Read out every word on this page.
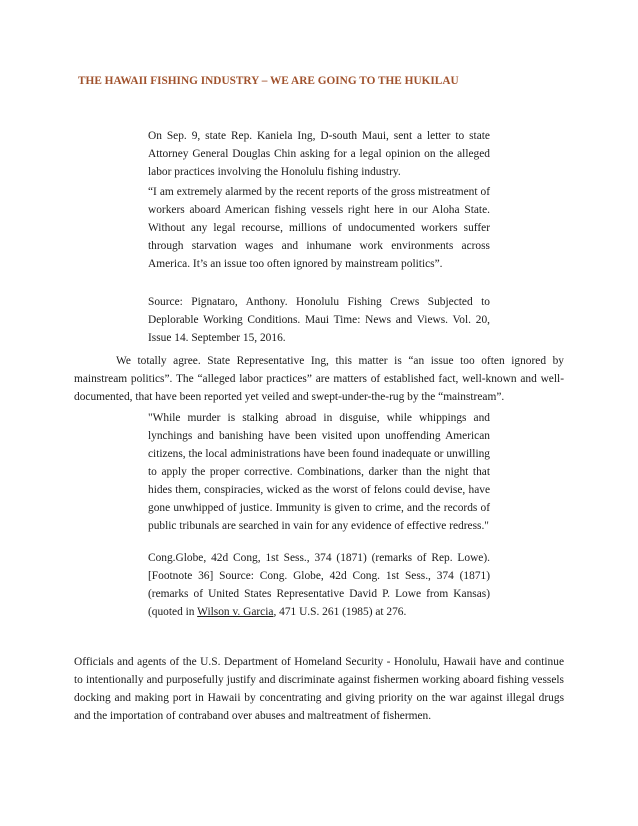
THE HAWAII FISHING INDUSTRY – WE ARE GOING TO THE HUKILAU
On Sep. 9, state Rep. Kaniela Ing, D-south Maui, sent a letter to state Attorney General Douglas Chin asking for a legal opinion on the alleged labor practices involving the Honolulu fishing industry.
“I am extremely alarmed by the recent reports of the gross mistreatment of workers aboard American fishing vessels right here in our Aloha State. Without any legal recourse, millions of undocumented workers suffer through starvation wages and inhumane work environments across America. It’s an issue too often ignored by mainstream politics”.
Source: Pignataro, Anthony. Honolulu Fishing Crews Subjected to Deplorable Working Conditions. Maui Time: News and Views. Vol. 20, Issue 14. September 15, 2016.
We totally agree. State Representative Ing, this matter is “an issue too often ignored by mainstream politics”. The “alleged labor practices” are matters of established fact, well-known and well-documented, that have been reported yet veiled and swept-under-the-rug by the “mainstream”.
"While murder is stalking abroad in disguise, while whippings and lynchings and banishing have been visited upon unoffending American citizens, the local administrations have been found inadequate or unwilling to apply the proper corrective. Combinations, darker than the night that hides them, conspiracies, wicked as the worst of felons could devise, have gone unwhipped of justice. Immunity is given to crime, and the records of public tribunals are searched in vain for any evidence of effective redress."
Cong.Globe, 42d Cong, 1st Sess., 374 (1871) (remarks of Rep. Lowe). [Footnote 36] Source: Cong. Globe, 42d Cong. 1st Sess., 374 (1871) (remarks of United States Representative David P. Lowe from Kansas) (quoted in Wilson v. Garcia, 471 U.S. 261 (1985) at 276.
Officials and agents of the U.S. Department of Homeland Security - Honolulu, Hawaii have and continue to intentionally and purposefully justify and discriminate against fishermen working aboard fishing vessels docking and making port in Hawaii by concentrating and giving priority on the war against illegal drugs and the importation of contraband over abuses and maltreatment of fishermen.
